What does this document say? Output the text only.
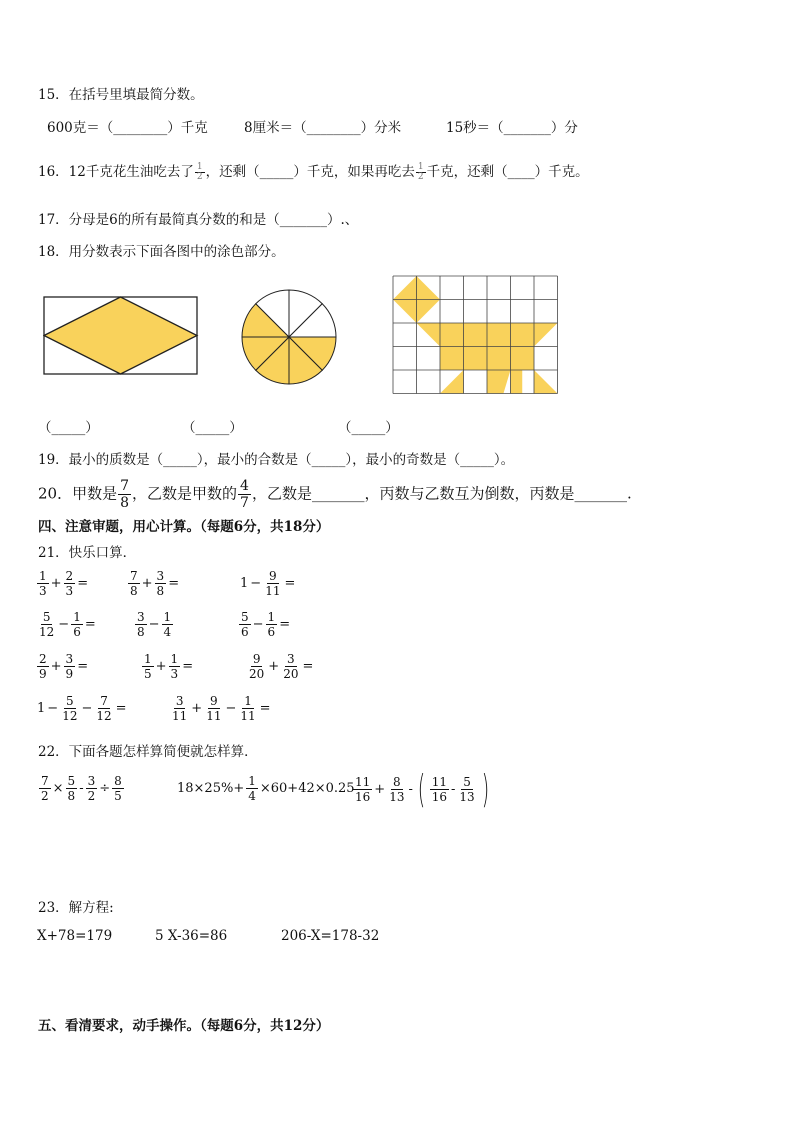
15．在括号里填最简分数。
600克＝（________）千克	8厘米＝（________）分米	15秒＝（_______）分
16．12千克花生油吃去了 $\frac{1}{2}$ ，还剩（_____）千克，如果再吃去 $\frac{1}{2}$ 千克，还剩（____）千克。
17．分母是6的所有最简真分数的和是（_______）.、
18．用分数表示下面各图中的涂色部分。
（_____）	（_____）	（_____）
19．最小的质数是（_____），最小的合数是（_____），最小的奇数是（_____）。
20．甲数是 $\frac{7}{8}$ ，乙数是甲数的 $\frac{4}{7}$ ，乙数是_______，丙数与乙数互为倒数，丙数是_______.
四、注意审题，用心计算。（每题6分，共18分）
21．快乐口算．
$\frac{1}{3} + \frac{2}{3}$ =	$\frac{7}{8} + \frac{3}{8}$ =	$1 - \frac{9}{11}$ =
$\frac{5}{12} - \frac{1}{6}$ =	$\frac{3}{8} - \frac{1}{4}$	$\frac{5}{6} - \frac{1}{6}$ =
$\frac{2}{9} + \frac{3}{9}$ =	$\frac{1}{5} + \frac{1}{3}$ =	$\frac{9}{20} + \frac{3}{20}$ =
$1 - \frac{5}{12} - \frac{7}{12}$ =	$\frac{3}{11} + \frac{9}{11} - \frac{1}{11}$ =
22．下面各题怎样算简便就怎样算．
$\frac{7}{2} \times \frac{5}{8} - \frac{3}{2} \div \frac{8}{5}$	$18\times 25\%+ \frac{1}{4} \times 60+42\times 0.25$
$\frac{11}{16} + \frac{8}{13}$ - ( $\frac{11}{16} - \frac{5}{13}$ )
23．解方程:
X+78=179	5 X-36=86	206-X=178-32
五、看清要求，动手操作。（每题6分，共12分）
